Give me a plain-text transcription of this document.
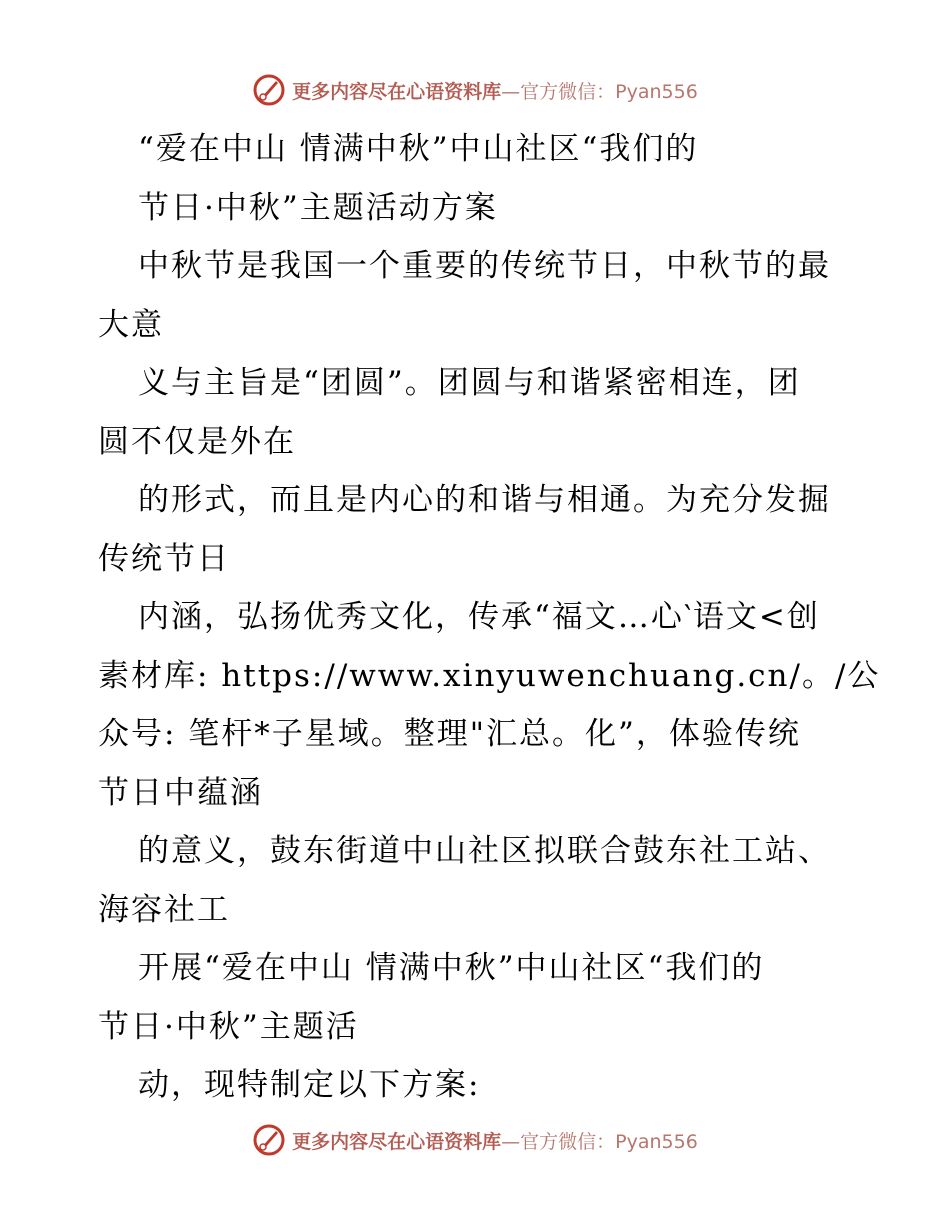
更多内容尽在心语资料库—官方微信：Pyan556
“爱在中山 情满中秋”中山社区“我们的
节日·中秋”主题活动方案
中秋节是我国一个重要的传统节日，中秋节的最
大意
义与主旨是“团圆”。团圆与和谐紧密相连，团
圆不仅是外在
的形式，而且是内心的和谐与相通。为充分发掘
传统节日
内涵，弘扬优秀文化，传承“福文…心‵语文<创
素材库: https://www.xinyuwenchuang.cn/。/公
众号: 笔杆*子星域。整理"汇总。化”，体验传统
节日中蕴涵
的意义，鼓东街道中山社区拟联合鼓东社工站、
海容社工
开展“爱在中山 情满中秋”中山社区“我们的
节日·中秋”主题活
动，现特制定以下方案:
更多内容尽在心语资料库—官方微信：Pyan556
